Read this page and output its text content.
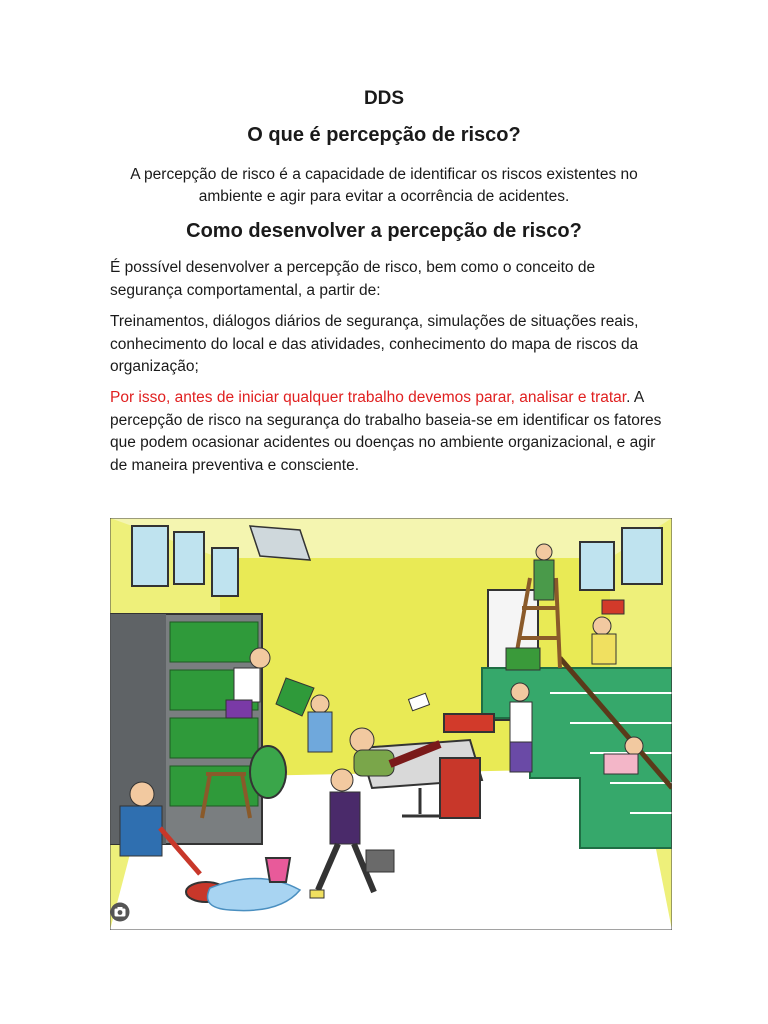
DDS
O que é percepção de risco?

A percepção de risco é a capacidade de identificar os riscos existentes no ambiente e agir para evitar a ocorrência de acidentes.

Como desenvolver a percepção de risco?

É possível desenvolver a percepção de risco, bem como o conceito de segurança comportamental, a partir de:

Treinamentos, diálogos diários de segurança, simulações de situações reais, conhecimento do local e das atividades, conhecimento do mapa de riscos da organização;

Por isso, antes de iniciar qualquer trabalho devemos parar, analisar e tratar. A percepção de risco na segurança do trabalho baseia-se em identificar os fatores que podem ocasionar acidentes ou doenças no ambiente organizacional, e agir de maneira preventiva e consciente.
